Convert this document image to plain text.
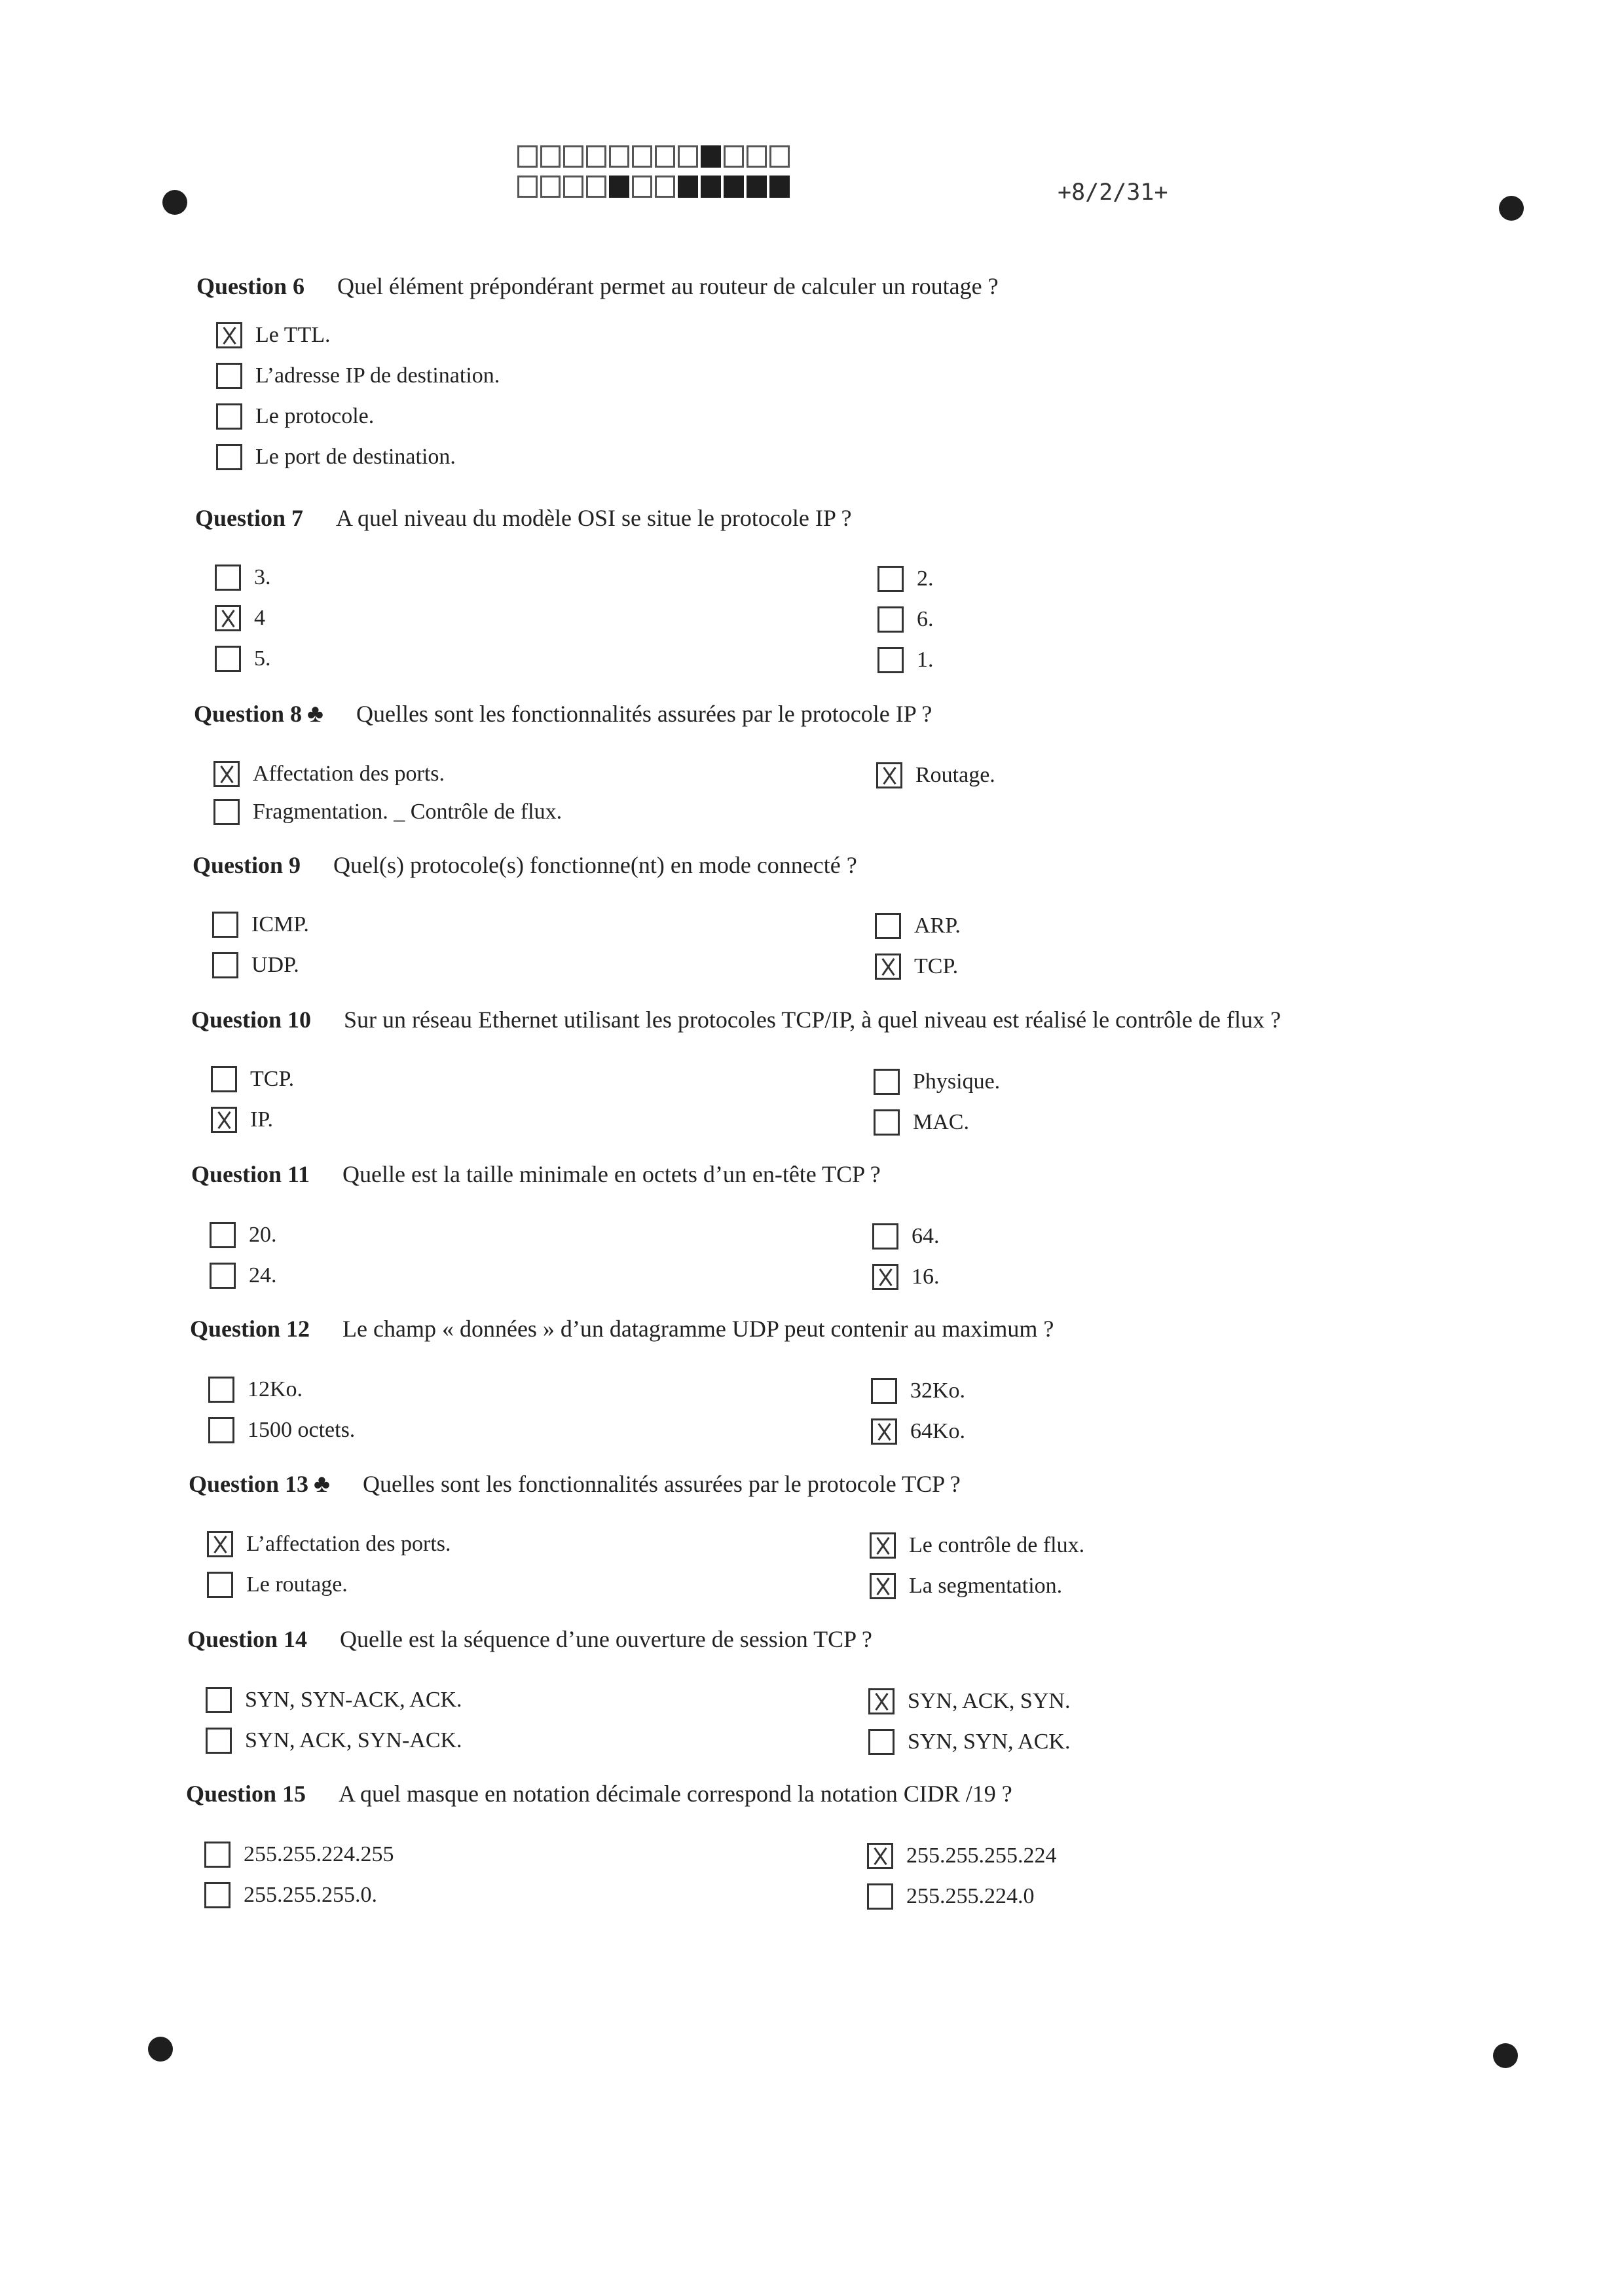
+8/2/31+
Question 6 Quel élément prépondérant permet au routeur de calculer un routage ?
Le TTL.
L’adresse IP de destination.
Le protocole.
Le port de destination.
Question 7 A quel niveau du modèle OSI se situe le protocole IP ?
3.
4
5.
2.
6.
1.
Question 8 ♣ Quelles sont les fonctionnalités assurées par le protocole IP ?
Affectation des ports.
Fragmentation. _ Contrôle de flux.
Routage.
Question 9 Quel(s) protocole(s) fonctionne(nt) en mode connecté ?
ICMP.
UDP.
ARP.
TCP.
Question 10 Sur un réseau Ethernet utilisant les protocoles TCP/IP, à quel niveau est réalisé le contrôle de flux ?
TCP.
IP.
Physique.
MAC.
Question 11 Quelle est la taille minimale en octets d’un en-tête TCP ?
20.
24.
64.
16.
Question 12 Le champ « données » d’un datagramme UDP peut contenir au maximum ?
12Ko.
1500 octets.
32Ko.
64Ko.
Question 13 ♣ Quelles sont les fonctionnalités assurées par le protocole TCP ?
L’affectation des ports.
Le routage.
Le contrôle de flux.
La segmentation.
Question 14 Quelle est la séquence d’une ouverture de session TCP ?
SYN, SYN-ACK, ACK.
SYN, ACK, SYN-ACK.
SYN, ACK, SYN.
SYN, SYN, ACK.
Question 15 A quel masque en notation décimale correspond la notation CIDR /19 ?
255.255.224.255
255.255.255.0.
255.255.255.224
255.255.224.0
